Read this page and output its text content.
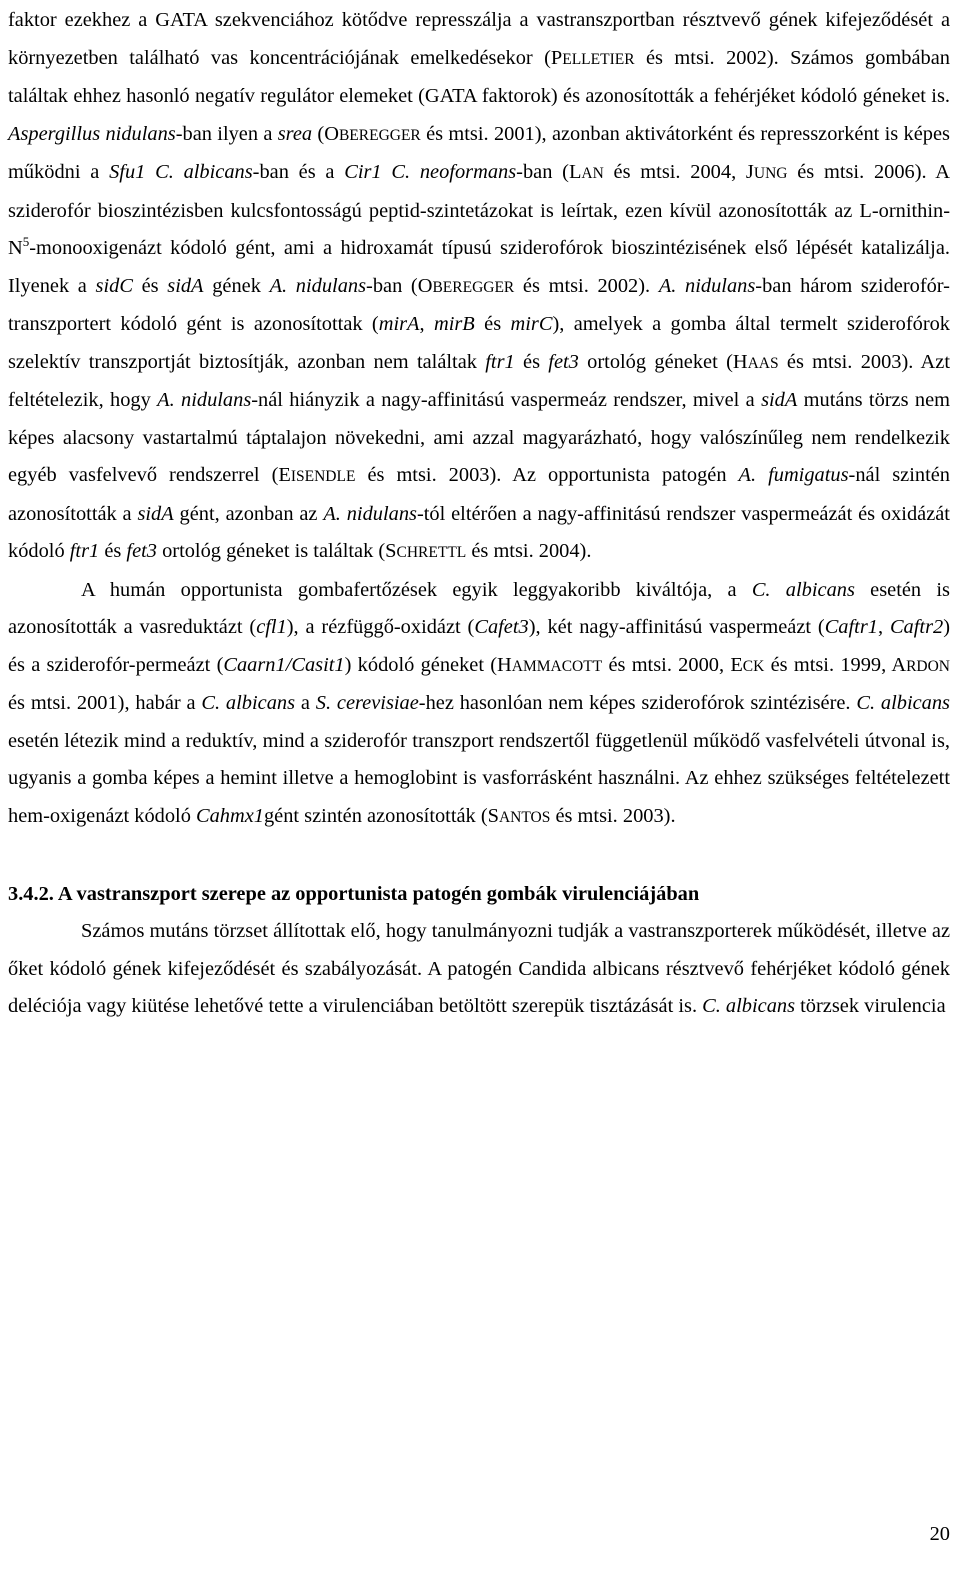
faktor ezekhez a GATA szekvenciához kötődve represszálja a vastranszportban résztvevő gének kifejeződését a környezetben található vas koncentrációjának emelkedésekor (PELLETIER és mtsi. 2002). Számos gombában találtak ehhez hasonló negatív regulátor elemeket (GATA faktorok) és azonosították a fehérjéket kódoló géneket is. Aspergillus nidulans-ban ilyen a srea (OBEREGGER és mtsi. 2001), azonban aktivátorként és represszorként is képes működni a Sfu1 C. albicans-ban és a Cir1 C. neoformans-ban (LAN és mtsi. 2004, JUNG és mtsi. 2006). A sziderofór bioszintézisben kulcsfontosságú peptid-szintetázokat is leírtak, ezen kívül azonosították az $L-ornithin-N^5$-monooxigenázt kódoló gént, ami a hidroxamát típusú sziderofórok bioszintézisének első lépését katalizálja. Ilyenek a sidC és sidA gének A. nidulans-ban (OBEREGGER és mtsi. 2002). A. nidulans-ban három sziderofór-transzportert kódoló gént is azonosítottak (mirA, mirB és mirC), amelyek a gomba által termelt sziderofórok szelektív transzportját biztosítják, azonban nem találtak ftr1 és fet3 ortológ géneket (HAAS és mtsi. 2003). Azt feltételezik, hogy A. nidulans-nál hiányzik a nagy-affinitású vaspermeáz rendszer, mivel a sidA mutáns törzs nem képes alacsony vastartalmú táptalajon növekedni, ami azzal magyarázható, hogy valószínűleg nem rendelkezik egyéb vasfelvevő rendszerrel (EISENDLE és mtsi. 2003). Az opportunista patogén A. fumigatus-nál szintén azonosították a sidA gént, azonban az A. nidulans-tól eltérően a nagy-affinitású rendszer vaspermeázát és oxidázát kódoló ftr1 és fet3 ortológ géneket is találtak (SCHRETTL és mtsi. 2004).

A humán opportunista gombafertőzések egyik leggyakoribb kiváltója, a C. albicans esetén is azonosították a vasreduktázt (cfl1), a rézfüggő-oxidázt (Cafet3), két nagy-affinitású vaspermeázt (Caftr1, Caftr2) és a sziderofór-permeázt (Caarn1/Casit1) kódoló géneket (HAMMACOTT és mtsi. 2000, ECK és mtsi. 1999, ARDON és mtsi. 2001), habár a C. albicans a S. cerevisiae-hez hasonlóan nem képes sziderofórok szintézisére. C. albicans esetén létezik mind a reduktív, mind a sziderofór transzport rendszertől függetlenül működő vasfelvételi útvonal is, ugyanis a gomba képes a hemint illetve a hemoglobint is vasforrásként használni. Az ehhez szükséges feltételezett hem-oxigenázt kódoló Cahmx1gént szintén azonosították (SANTOS és mtsi. 2003).

3.4.2. A vastranszport szerepe az opportunista patogén gombák virulenciájában

Számos mutáns törzset állítottak elő, hogy tanulmányozni tudják a vastranszporterek működését, illetve az őket kódoló gének kifejeződését és szabályozását. A patogén Candida albicans résztvevő fehérjéket kódoló gének deléciója vagy kiütése lehetővé tette a virulenciában betöltött szerepük tisztázását is. C. albicans törzsek virulencia

20
